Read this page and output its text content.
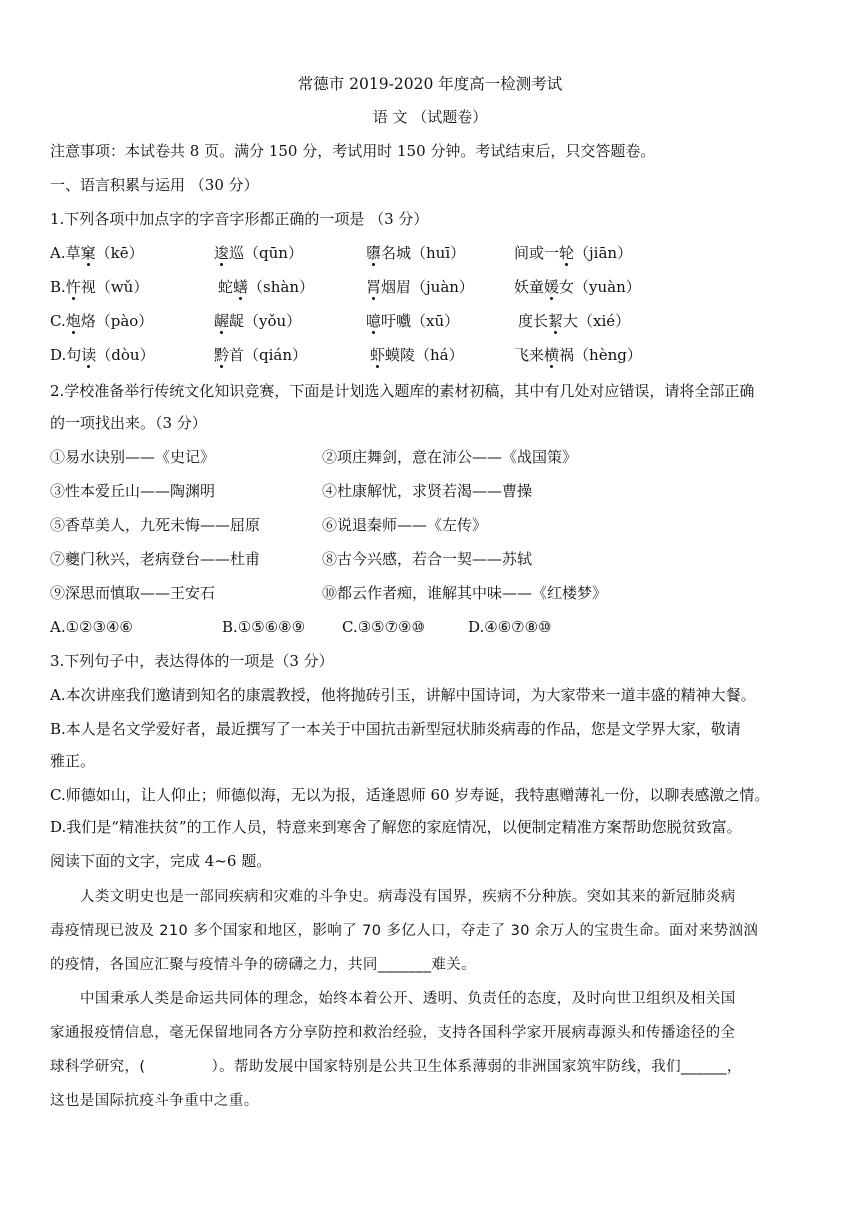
常德市 2019-2020 年度高一检测考试
语 文 （试题卷）
注意事项：本试卷共 8 页。满分 150 分，考试用时 150 分钟。考试结束后，只交答题卷。
一、语言积累与运用 （30 分）
1.下列各项中加点字的字音字形都正确的一项是 （3 分）
A.草窠（kē）	逡巡（qūn）	隳名城（huī）	间或一轮（jiān）
B.忤视（wǔ）	蛇蟮（shàn）	罥烟眉（juàn）	妖童媛女（yuàn）
C.炮烙（pào）	龌龊（yǒu）	噫吁嚱（xū）	度长絜大（xié）
D.句读（dòu）	黔首（qián）	虾蟆陵（há）	飞来横祸（hèng）
2.学校准备举行传统文化知识竞赛，下面是计划选入题库的素材初稿，其中有几处对应错误，请将全部正确
的一项找出来。（3 分）
①易水诀别——《史记》	②项庄舞剑，意在沛公——《战国策》
③性本爱丘山——陶渊明	④杜康解忧，求贤若渴——曹操
⑤香草美人，九死未悔——屈原	⑥说退秦师——《左传》
⑦夔门秋兴，老病登台——杜甫	⑧古今兴感，若合一契——苏轼
⑨深思而慎取——王安石	⑩都云作者痴，谁解其中味——《红楼梦》
A.①②③④⑥	B.①⑤⑥⑧⑨ C.③⑤⑦⑨⑩	D.④⑥⑦⑧⑩
3.下列句子中，表达得体的一项是（3 分）
A.本次讲座我们邀请到知名的康震教授，他将抛砖引玉，讲解中国诗词，为大家带来一道丰盛的精神大餐。
B.本人是名文学爱好者，最近撰写了一本关于中国抗击新型冠状肺炎病毒的作品，您是文学界大家，敬请
雅正。
C.师德如山，让人仰止；师德似海，无以为报，适逢恩师 60 岁寿诞，我特惠赠薄礼一份，以聊表感激之情。
D.我们是“精准扶贫”的工作人员，特意来到寒舍了解您的家庭情况，以便制定精准方案帮助您脱贫致富。
阅读下面的文字，完成 4~6 题。
人类文明史也是一部同疾病和灾难的斗争史。病毒没有国界，疾病不分种族。突如其来的新冠肺炎病
毒疫情现已波及 210 多个国家和地区，影响了 70 多亿人口，夺走了 30 余万人的宝贵生命。面对来势汹汹
的疫情，各国应汇聚与疫情斗争的磅礴之力，共同_______难关。
中国秉承人类是命运共同体的理念，始终本着公开、透明、负责任的态度，及时向世卫组织及相关国
家通报疫情信息，毫无保留地同各方分享防控和救治经验，支持各国科学家开展病毒源头和传播途径的全
球科学研究，(	）。帮助发展中国家特别是公共卫生体系薄弱的非洲国家筑牢防线，我们______，
这也是国际抗疫斗争重中之重。
